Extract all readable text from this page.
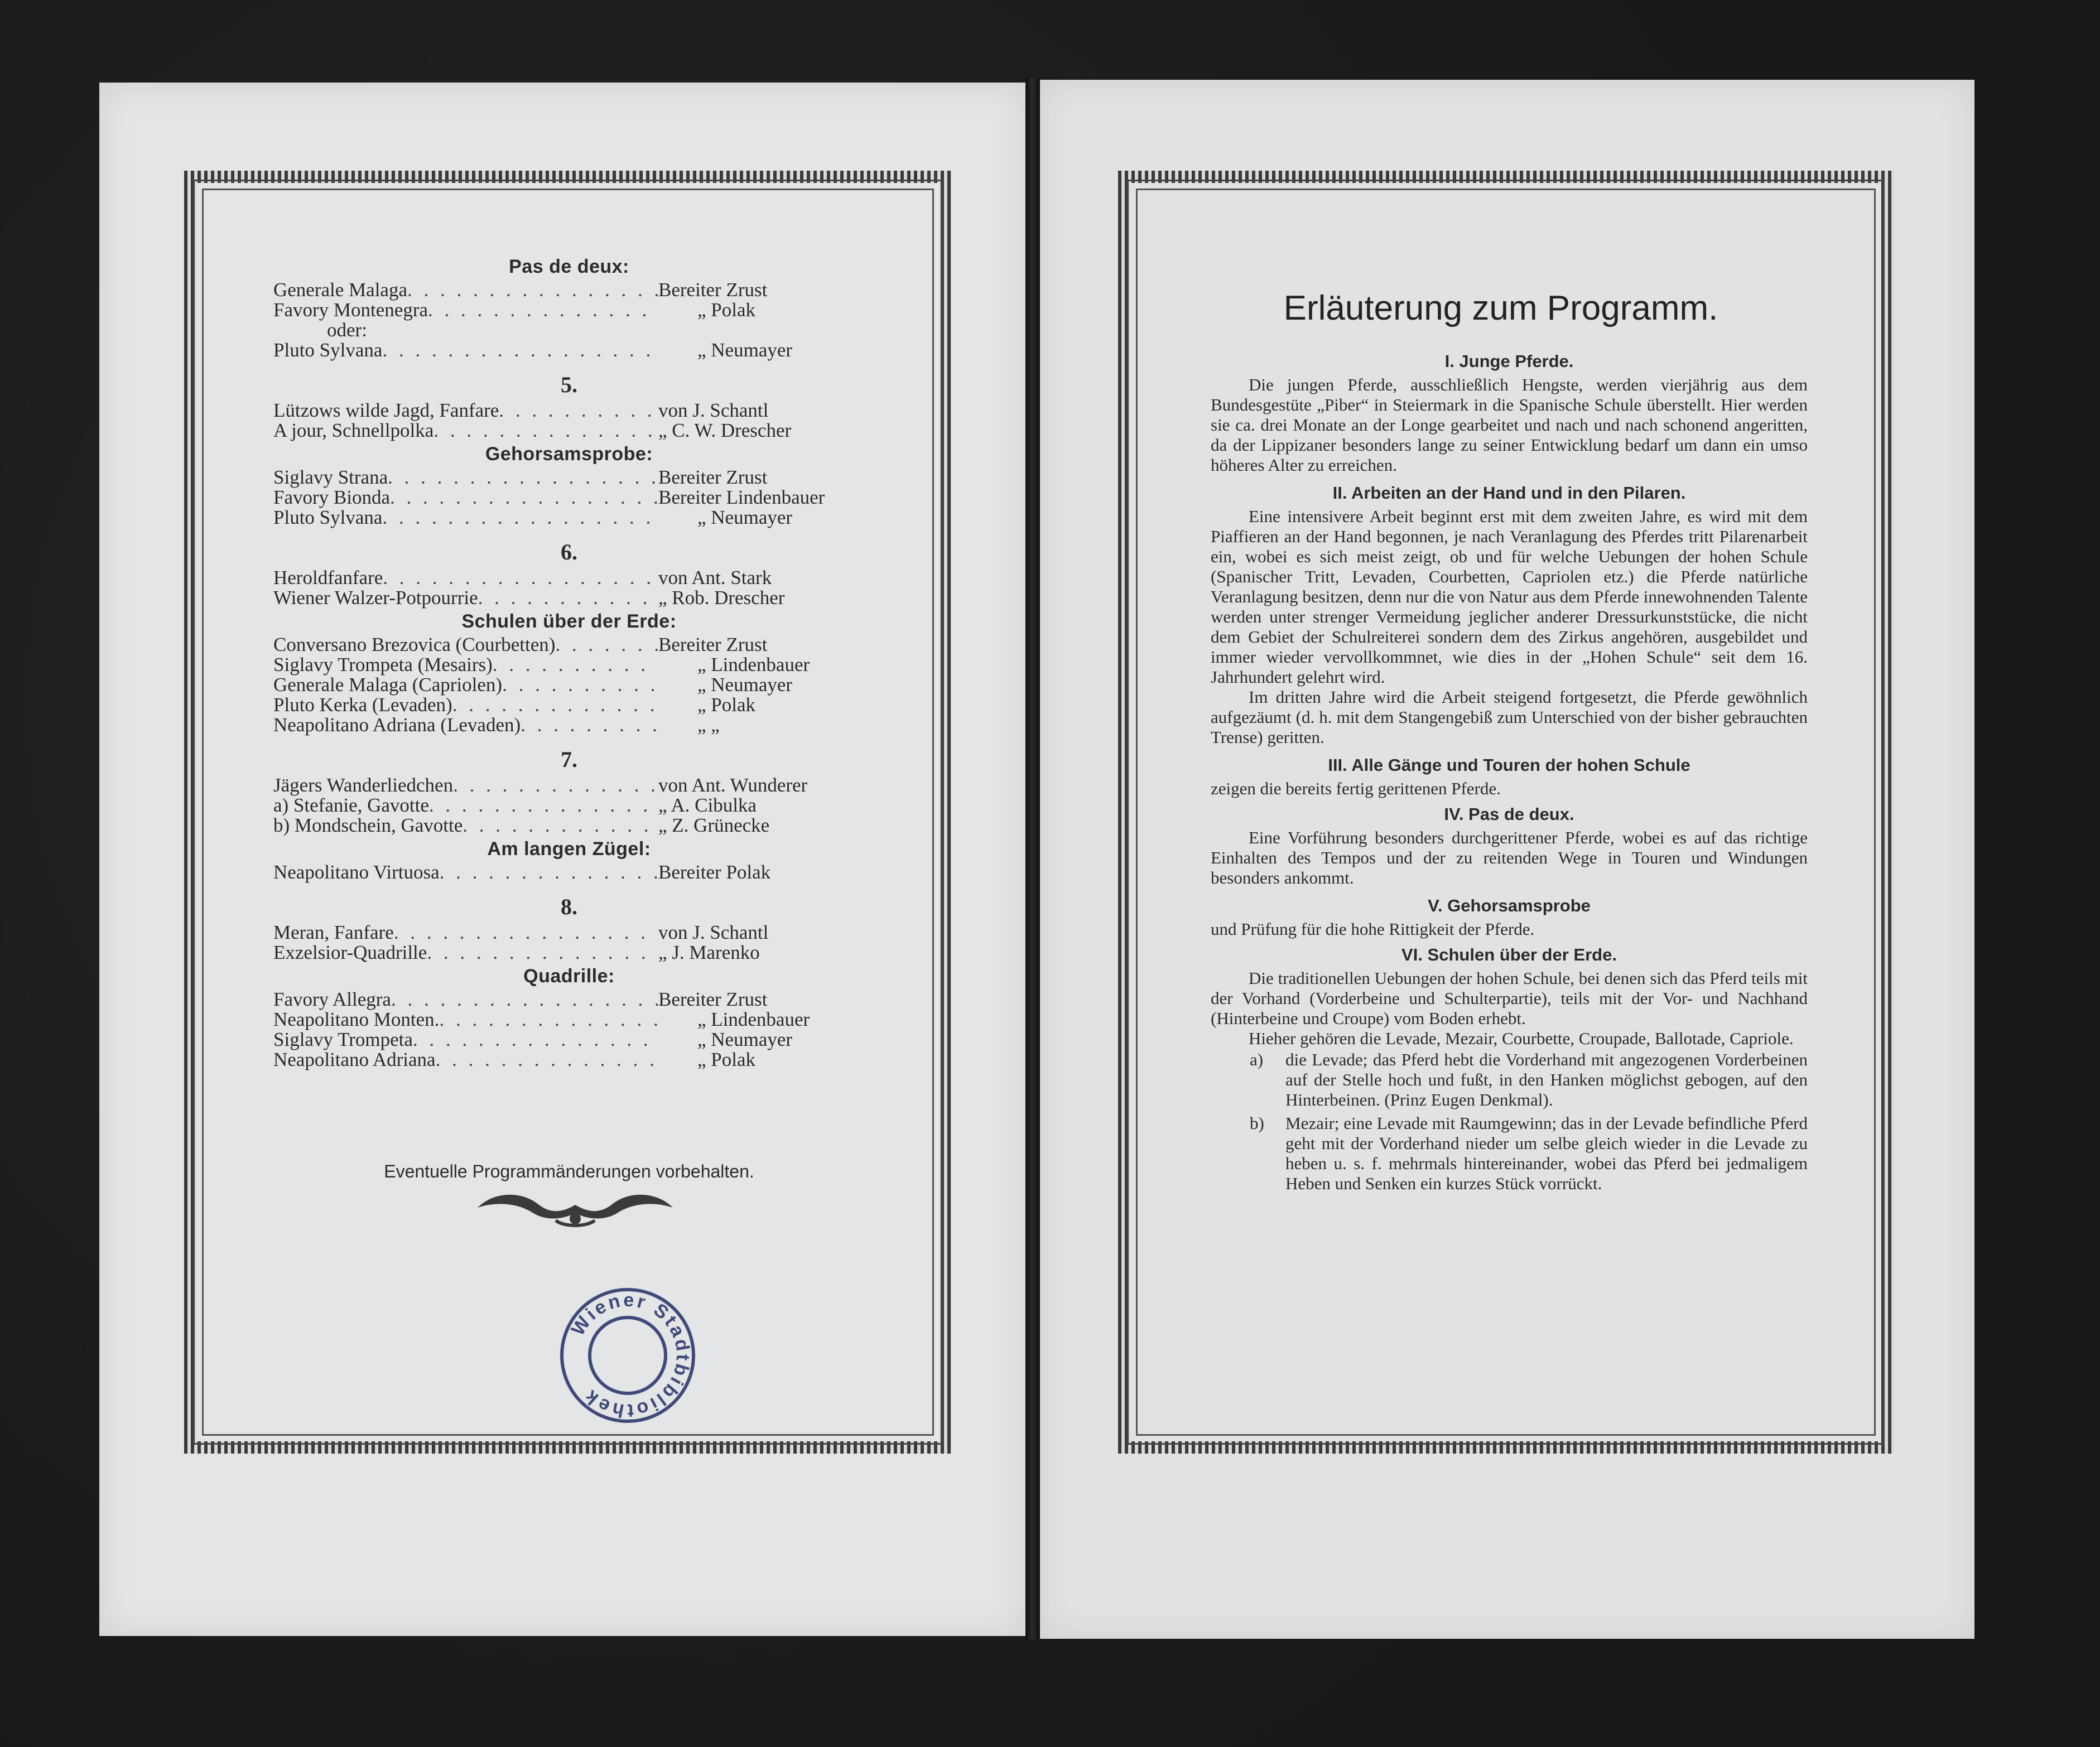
Pas de deux:
Generale Malaga . . .	Bereiter Zrust
Favory Montenegra . . .	„ Polak
oder:
Pluto Sylvana . . .	„ Neumayer
5.
Lützows wilde Jagd, Fanfare . . .	von J. Schantl
A jour, Schnellpolka . . .	„ C. W. Drescher
Gehorsamsprobe:
Siglavy Strana . . .	Bereiter Zrust
Favory Bionda . . .	Bereiter Lindenbauer
Pluto Sylvana . . .	„ Neumayer
6.
Heroldfanfare . . .	von Ant. Stark
Wiener Walzer-Potpourrie . . .	„ Rob. Drescher
Schulen über der Erde:
Conversano Brezovica (Courbetten) . . .	Bereiter Zrust
Siglavy Trompeta (Mesairs) . . .	„ Lindenbauer
Generale Malaga (Capriolen) . . .	„ Neumayer
Pluto Kerka (Levaden) . . .	„ Polak
Neapolitano Adriana (Levaden) . . .	„ „
7.
Jägers Wanderliedchen . . .	von Ant. Wunderer
a) Stefanie, Gavotte . . .	„ A. Cibulka
b) Mondschein, Gavotte . . .	„ Z. Grünecke
Am langen Zügel:
Neapolitano Virtuosa . . .	Bereiter Polak
8.
Meran, Fanfare . . .	von J. Schantl
Exzelsior-Quadrille . . .	„ J. Marenko
Quadrille:
Favory Allegra . . .	Bereiter Zrust
Neapolitano Monten. . . .	„ Lindenbauer
Siglavy Trompeta . . .	„ Neumayer
Neapolitano Adriana . . .	„ Polak
Wiener Stadtbibliothek
Erläuterung zum Programm.
I. Junge Pferde.

Die jungen Pferde, ausschließlich Hengste, werden vierjährig aus dem Bundesgestüte „Piber“ in Steiermark in die Spanische Schule überstellt. Hier werden sie ca. drei Monate an der Longe gearbeitet und nach und nach schonend angeritten, da der Lippizaner besonders lange zu seiner Entwicklung bedarf um dann ein umso höheres Alter zu erreichen.

II. Arbeiten an der Hand und in den Pilaren.

Eine intensivere Arbeit beginnt erst mit dem zweiten Jahre, es wird mit dem Piaffieren an der Hand begonnen, je nach Veranlagung des Pferdes tritt Pilarenarbeit ein, wobei es sich meist zeigt, ob und für welche Uebungen der hohen Schule (Spanischer Tritt, Levaden, Courbetten, Capriolen etz.) die Pferde natürliche Veranlagung besitzen, denn nur die von Natur aus dem Pferde innewohnenden Talente werden unter strenger Vermeidung jeglicher anderer Dressurkunststücke, die nicht dem Gebiet der Schulreiterei sondern dem des Zirkus angehören, ausgebildet und immer wieder vervollkommnet, wie dies in der „Hohen Schule“ seit dem 16. Jahrhundert gelehrt wird.

Im dritten Jahre wird die Arbeit steigend fortgesetzt, die Pferde gewöhnlich aufgezäumt (d. h. mit dem Stangengebiß zum Unterschied von der bisher gebrauchten Trense) geritten.

III. Alle Gänge und Touren der hohen Schule

zeigen die bereits fertig gerittenen Pferde.

IV. Pas de deux.

Eine Vorführung besonders durchgerittener Pferde, wobei es auf das richtige Einhalten des Tempos und der zu reitenden Wege in Touren und Windungen besonders ankommt.

V. Gehorsamsprobe

und Prüfung für die hohe Rittigkeit der Pferde.

VI. Schulen über der Erde.

Die traditionellen Uebungen der hohen Schule, bei denen sich das Pferd teils mit der Vorhand (Vorderbeine und Schulterpartie), teils mit der Vor- und Nachhand (Hinterbeine und Croupe) vom Boden erhebt.

Hieher gehören die Levade, Mezair, Courbette, Croupade, Ballotade, Capriole.

a)	die Levade; das Pferd hebt die Vorderhand mit angezogenen Vorderbeinen auf der Stelle hoch und fußt, in den Hanken möglichst gebogen, auf den Hinterbeinen. (Prinz Eugen Denkmal).
b)	Mezair; eine Levade mit Raumgewinn; das in der Levade befindliche Pferd geht mit der Vorderhand nieder um selbe gleich wieder in die Levade zu heben u. s. f. mehrmals hintereinander, wobei das Pferd bei jedmaligem Heben und Senken ein kurzes Stück vorrückt.
Eventuelle Programmänderungen vorbehalten.
